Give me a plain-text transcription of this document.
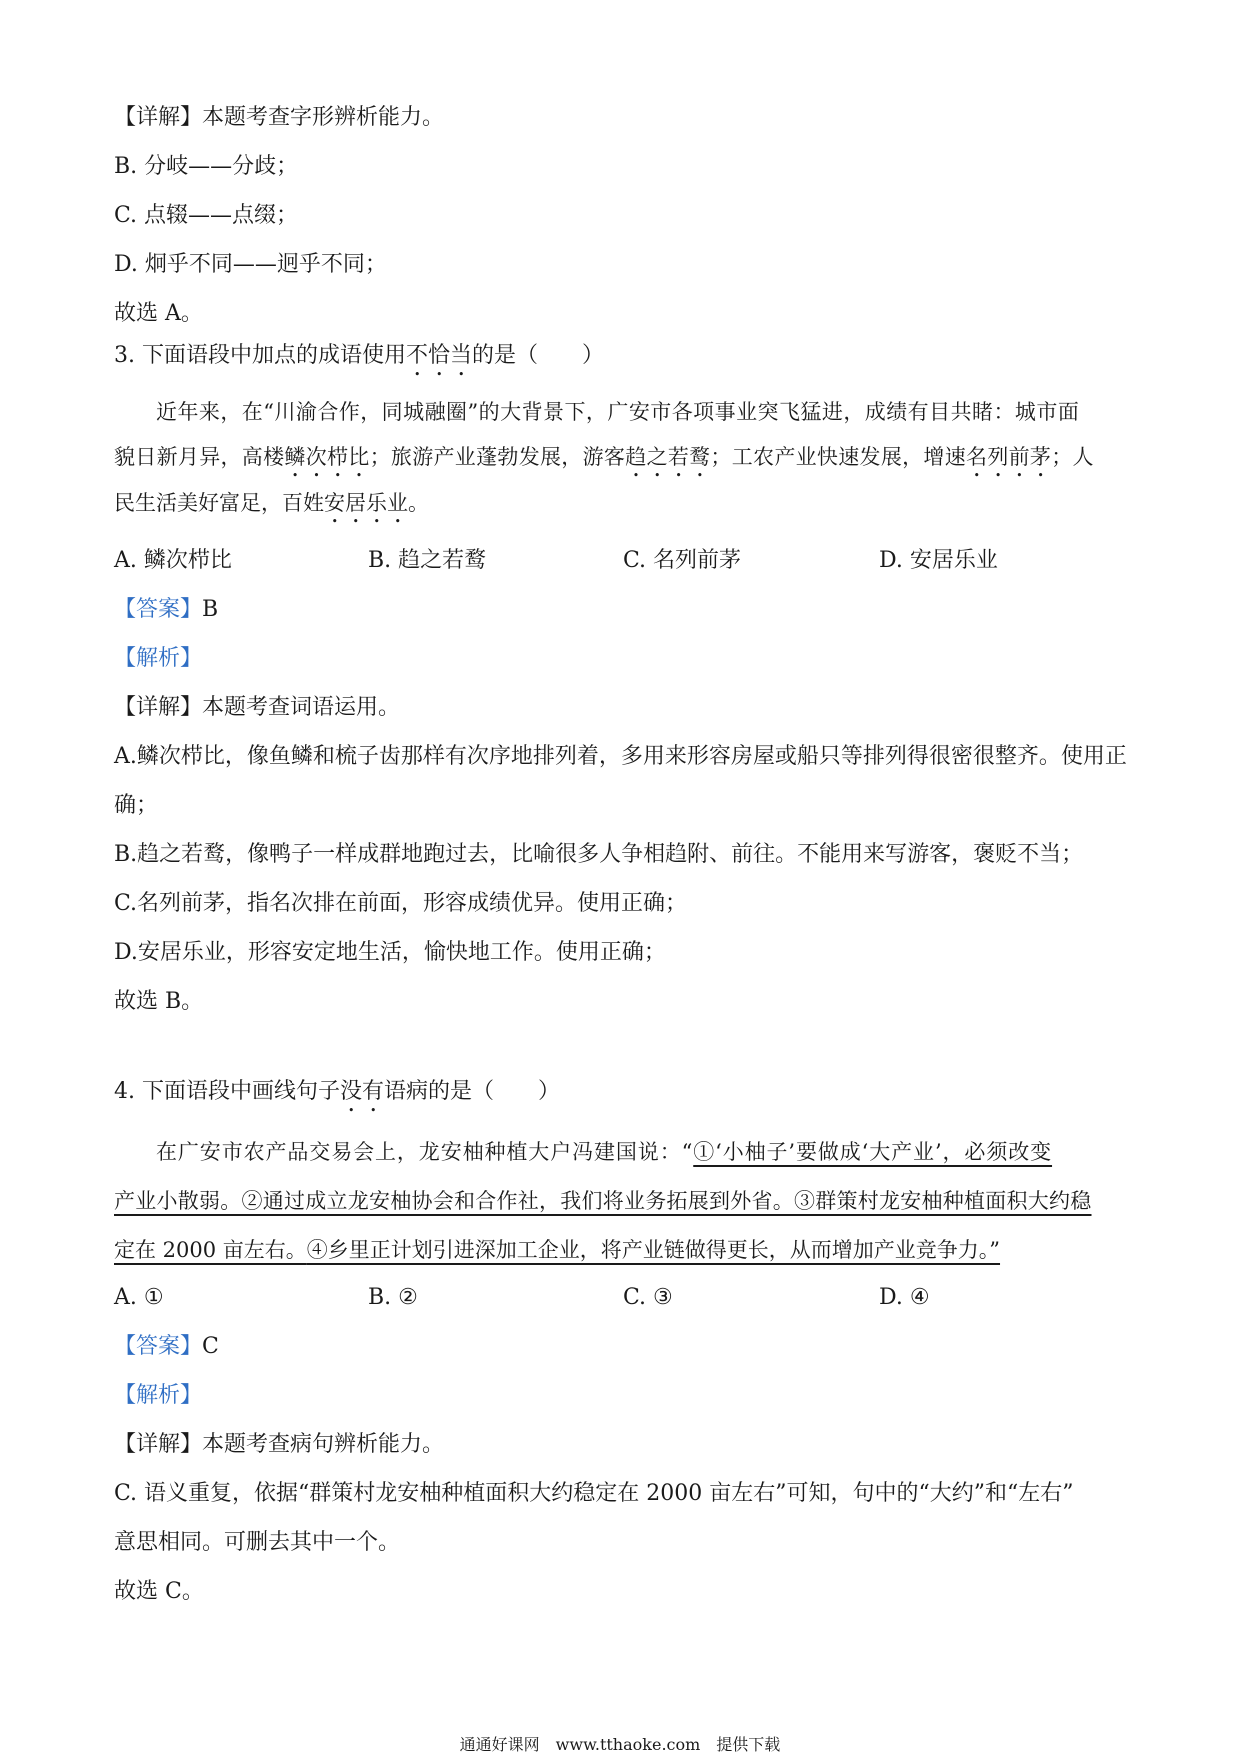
【详解】本题考查字形辨析能力。
B. 分岐——分歧；
C. 点辍——点缀；
D. 炯乎不同——迥乎不同；
故选 A。
3. 下面语段中加点的成语使用不恰当的是（　　）
近年来，在“川渝合作，同城融圈”的大背景下，广安市各项事业突飞猛进，成绩有目共睹：城市面
貌日新月异，高楼鳞次栉比；旅游产业蓬勃发展，游客趋之若鹜；工农产业快速发展，增速名列前茅；人
民生活美好富足，百姓安居乐业。
A. 鳞次栉比	B. 趋之若鹜	C. 名列前茅	D. 安居乐业
【答案】B
【解析】
【详解】本题考查词语运用。
A.鳞次栉比，像鱼鳞和梳子齿那样有次序地排列着，多用来形容房屋或船只等排列得很密很整齐。使用正
确；
B.趋之若鹜，像鸭子一样成群地跑过去，比喻很多人争相趋附、前往。不能用来写游客，褒贬不当；
C.名列前茅，指名次排在前面，形容成绩优异。使用正确；
D.安居乐业，形容安定地生活，愉快地工作。使用正确；
故选 B。
4. 下面语段中画线句子没有语病的是（　　）
在广安市农产品交易会上，龙安柚种植大户冯建国说：“①‘小柚子’要做成‘大产业’，必须改变
产业小散弱。②通过成立龙安柚协会和合作社，我们将业务拓展到外省。③群策村龙安柚种植面积大约稳
定在 2000 亩左右。④乡里正计划引进深加工企业，将产业链做得更长，从而增加产业竞争力。”
A. ①	B. ②	C. ③	D. ④
【答案】C
【解析】
【详解】本题考查病句辨析能力。
C. 语义重复，依据“群策村龙安柚种植面积大约稳定在 2000 亩左右”可知，句中的“大约”和“左右”
意思相同。可删去其中一个。
故选 C。
通通好课网　www.tthaoke.com　提供下载
